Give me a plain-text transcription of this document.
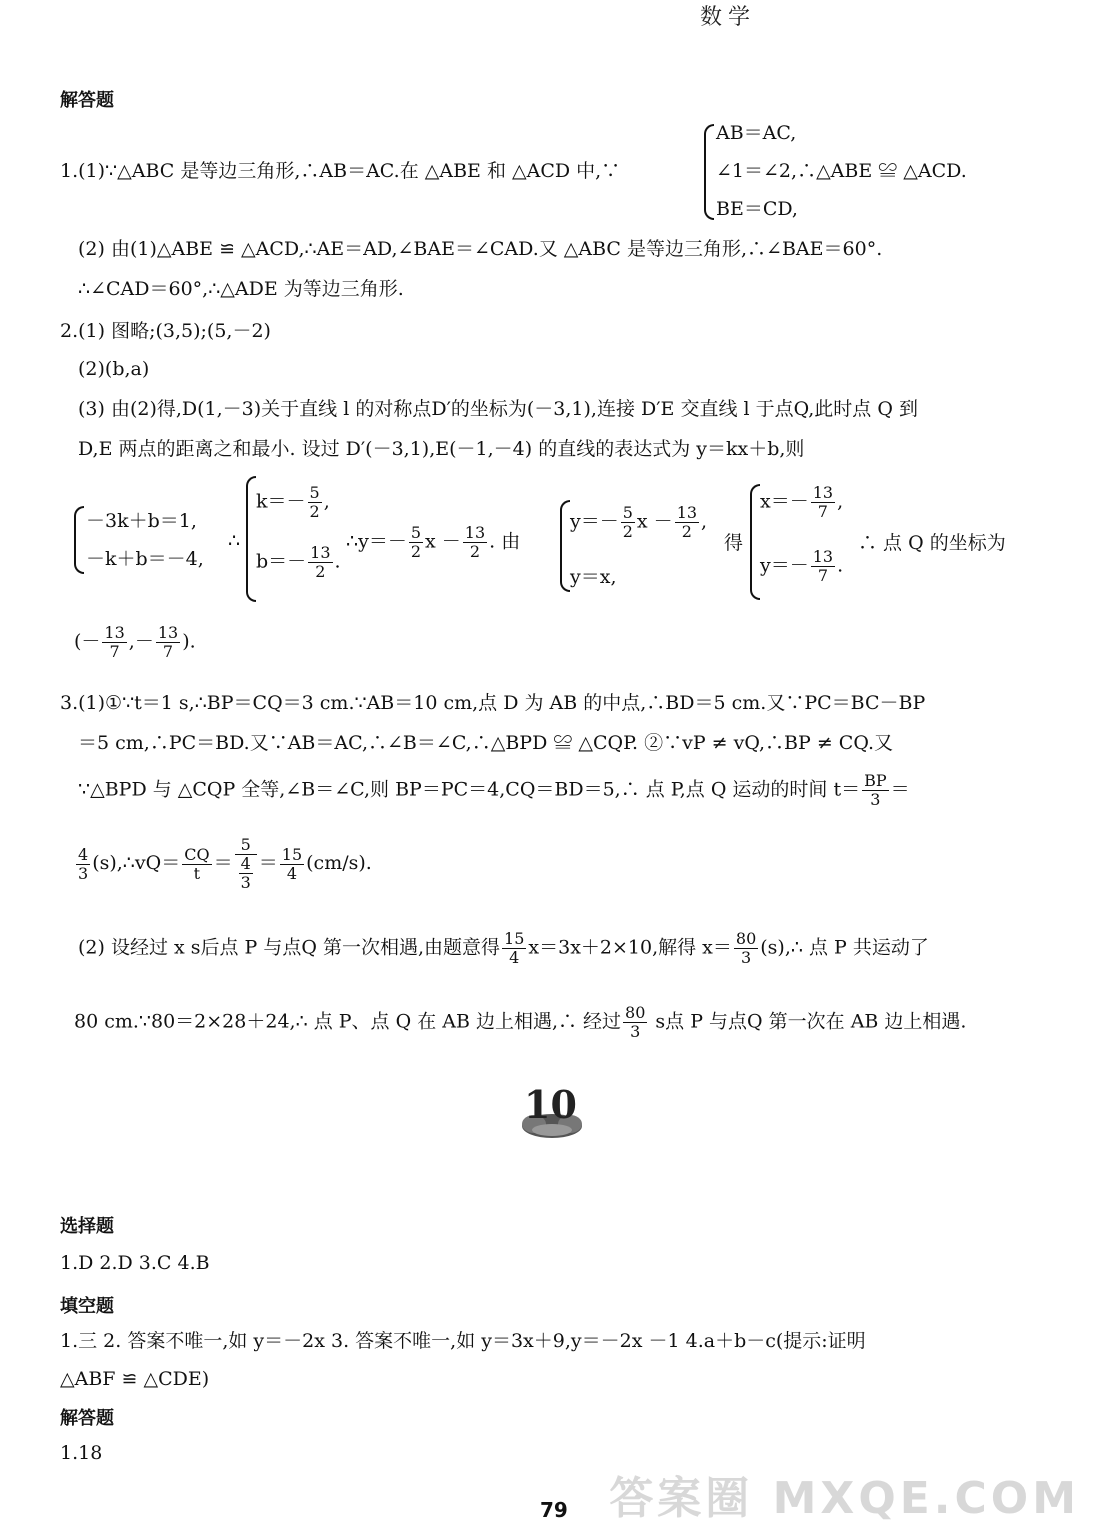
数学
解答题
1.(1)∵△ABC 是等边三角形,∴AB＝AC.在 △ABE 和 △ACD 中,∵
AB＝AC,
∠1＝∠2,∴△ABE ≌ △ACD.
BE＝CD,
(2) 由(1)△ABE ≌ △ACD,∴AE＝AD,∠BAE＝∠CAD.又 △ABC 是等边三角形,∴∠BAE＝60°.
∴∠CAD＝60°,∴△ADE 为等边三角形.
2.(1) 图略;(3,5);(5,－2)
(2)(b,a)
(3) 由(2)得,D(1,－3)关于直线 l 的对称点D′的坐标为(－3,1),连接 D′E 交直线 l 于点Q,此时点 Q 到
D,E 两点的距离之和最小. 设过 D′(－3,1),E(－1,－4) 的直线的表达式为 y＝kx＋b,则
－3k＋b＝1,
－k＋b＝－4,
∴
$k=- \frac{5}{2}$ ,
$b=- \frac{13}{2}$ .
∴y＝－ $\frac{5}{2}$ $x - \frac{13}{2}$ . 由
$y=- \frac{5}{2}$ $x - \frac{13}{2}$ ,
y＝x,
得
$x=- \frac{13}{7}$ ,
$y=- \frac{13}{7}$ .
∴ 点 Q 的坐标为
(－ $\frac{13}{7}$ ,－ $\frac{13}{7}$ ).
3.(1)①∵t＝1 s,∴BP＝CQ＝3 cm.∵AB＝10 cm,点 D 为 AB 的中点,∴BD＝5 cm.又∵PC＝BC－BP
＝5 cm,∴PC＝BD.又∵AB＝AC,∴∠B＝∠C,∴△BPD ≌ △CQP. ②∵vP ≠ vQ,∴BP ≠ CQ.又
∵△BPD 与 △CQP 全等,∠B＝∠C,则 BP＝PC＝4,CQ＝BD＝5,∴ 点 P,点 Q 运动的时间 $t= \frac{BP}{3}$ ＝
$\frac{4}{3}$ (s),∴vQ＝ $\frac{CQ}{t} = \frac{5}{\frac{4}{3}} = \frac{15}{4} (cm/s)$.
(2) 设经过 x s后点 P 与点Q 第一次相遇,由题意得 $\frac{15}{4} x=3x+2\times 10$,解得 $x= \frac{80}{3}$ (s),∴ 点 P 共运动了
80 cm.∵80＝2×28＋24,∴ 点 P、点 Q 在 AB 边上相遇,∴ 经过 $\frac{80}{3}$ s点 P 与点Q 第一次在 AB 边上相遇.
10
选择题
1.D 2.D 3.C 4.B
填空题
1.三 2. 答案不唯一,如 y＝－2x 3. 答案不唯一,如 y＝3x＋9,y＝－2x －1 4.a＋b－c(提示:证明
△ABF ≌ △CDE)
解答题
1.18
79 答案圈 MXQE.COM
